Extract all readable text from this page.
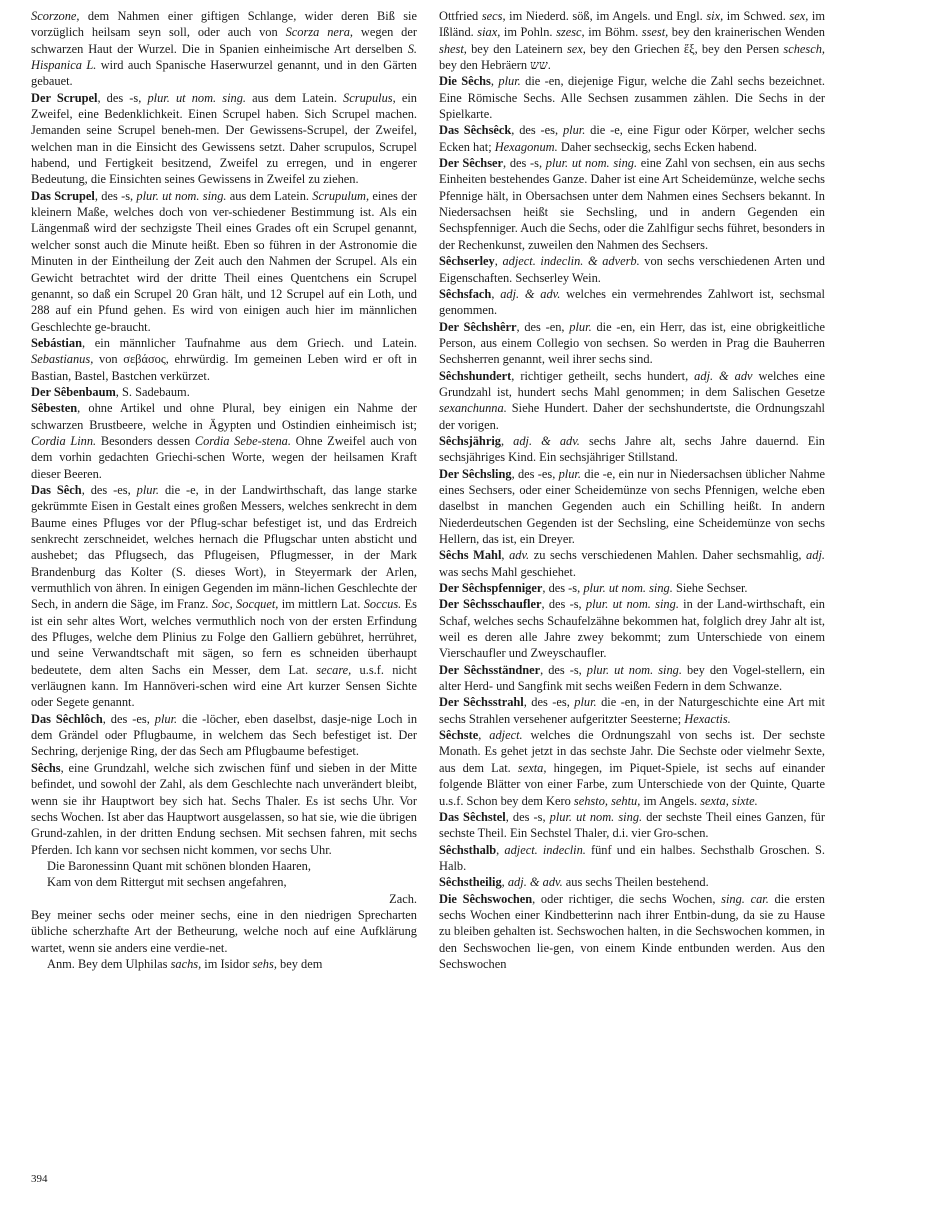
Scorzone, dem Nahmen einer giftigen Schlange, wider deren Biß sie vorzüglich heilsam seyn soll, oder auch von Scorza nera, wegen der schwarzen Haut der Wurzel. Die in Spanien einheimische Art derselben S. Hispanica L. wird auch Spanische Haserwurzel genannt, und in den Gärten gebauet.

Der Scrupel, des -s, plur. ut nom. sing. aus dem Latein. Scrupulus, ein Zweifel, eine Bedenklichkeit. Einen Scrupel haben. Sich Scrupel machen. Jemanden seine Scrupel beneh-men. Der Gewissens-Scrupel, der Zweifel, welchen man in die Einsicht des Gewissens setzt. Daher scrupulos, Scrupel habend, und Fertigkeit besitzend, Zweifel zu erregen, und in engerer Bedeutung, die Einsichten seines Gewissens in Zweifel zu ziehen.

Das Scrupel, des -s, plur. ut nom. sing. aus dem Latein. Scrupulum, eines der kleinern Maße, welches doch von ver-schiedener Bestimmung ist. Als ein Längenmaß wird der sechzigste Theil eines Grades oft ein Scrupel genannt, welcher sonst auch die Minute heißt. Eben so führen in der Astronomie die Minuten in der Eintheilung der Zeit auch den Nahmen der Scrupel. Als ein Gewicht betrachtet wird der dritte Theil eines Quentchens ein Scrupel genannt, so daß ein Scrupel 20 Gran hält, und 12 Scrupel auf ein Loth, und 288 auf ein Pfund gehen. Es wird von einigen auch hier im männlichen Geschlechte ge-braucht.

Sebástian, ein männlicher Taufnahme aus dem Griech. und Latein. Sebastianus, von σεβάσος, ehrwürdig. Im gemeinen Leben wird er oft in Bastian, Bastel, Bastchen verkürzet.

Der Sêbenbaum, S. Sadebaum.

Sêbesten, ohne Artikel und ohne Plural, bey einigen ein Nahme der schwarzen Brustbeere, welche in Ägypten und Ostindien einheimisch ist; Cordia Linn. Besonders dessen Cordia Sebe-stena. Ohne Zweifel auch von dem vorhin gedachten Griechi-schen Worte, wegen der heilsamen Kraft dieser Beeren.

Das Sêch, des -es, plur. die -e, in der Landwirthschaft, das lange starke gekrümmte Eisen in Gestalt eines großen Messers, welches senkrecht in dem Baume eines Pfluges vor der Pflug-schar befestiget ist, und das Erdreich senkrecht zerschneidet, welches hernach die Pflugschar unten absticht und aushebet; das Pflugsech, das Pflugeisen, Pflugmesser, in der Mark Brandenburg das Kolter (S. dieses Wort), in Steyermark der Arlen, vermuthlich von ähren. In einigen Gegenden im männ-lichen Geschlechte der Sech, in andern die Säge, im Franz. Soc, Socquet, im mittlern Lat. Soccus. Es ist ein sehr altes Wort, welches vermuthlich noch von der ersten Erfindung des Pfluges, welche dem Plinius zu Folge den Galliern gebühret, herrühret, und seine Verwandtschaft mit sägen, so fern es schneiden überhaupt bedeutete, dem alten Sachs ein Messer, dem Lat. secare, u.s.f. nicht verläugnen kann. Im Hannöveri-schen wird eine Art kurzer Sensen Sichte oder Segete genannt.

Das Sêchlôch, des -es, plur. die -löcher, eben daselbst, dasje-nige Loch in dem Grändel oder Pflugbaume, in welchem das Sech befestiget ist. Der Sechring, derjenige Ring, der das Sech am Pflugbaume befestiget.

Sêchs, eine Grundzahl, welche sich zwischen fünf und sieben in der Mitte befindet, und sowohl der Zahl, als dem Geschlechte nach unverändert bleibt, wenn sie ihr Hauptwort bey sich hat. Sechs Thaler. Es ist sechs Uhr. Vor sechs Wochen. Ist aber das Hauptwort ausgelassen, so hat sie, wie die übrigen Grund-zahlen, in der dritten Endung sechsen. Mit sechsen fahren, mit sechs Pferden. Ich kann vor sechsen nicht kommen, vor sechs Uhr.

Die Baronessinn Quant mit schönen blonden Haaren,

Kam von dem Rittergut mit sechsen angefahren,

Zach.

Bey meiner sechs oder meiner sechs, eine in den niedrigen Sprecharten übliche scherzhafte Art der Betheurung, welche noch auf eine Aufklärung wartet, wenn sie anders eine verdie-net.

Anm. Bey dem Ulphilas sachs, im Isidor sehs, bey dem

Ottfried secs, im Niederd. söß, im Angels. und Engl. six, im Schwed. sex, im Ißländ. siax, im Pohln. szesc, im Böhm. ssest, bey den krainerischen Wenden shest, bey den Lateinern sex, bey den Griechen ἕξ, bey den Persen schesch, bey den Hebräern שש.

Die Sêchs, plur. die -en, diejenige Figur, welche die Zahl sechs bezeichnet. Eine Römische Sechs. Alle Sechsen zusammen zählen. Die Sechs in der Spielkarte.

Das Sêchsêck, des -es, plur. die -e, eine Figur oder Körper, welcher sechs Ecken hat; Hexagonum. Daher sechseckig, sechs Ecken habend.

Der Sêchser, des -s, plur. ut nom. sing. eine Zahl von sechsen, ein aus sechs Einheiten bestehendes Ganze. Daher ist eine Art Scheidemünze, welche sechs Pfennige hält, in Obersachsen unter dem Nahmen eines Sechsers bekannt. In Niedersachsen heißt sie Sechsling, und in andern Gegenden ein Sechspfenniger. Auch die Sechs, oder die Zahlfigur sechs führet, besonders in der Rechenkunst, zuweilen den Nahmen des Sechsers.

Sêchserley, adject. indeclin. & adverb. von sechs verschiedenen Arten und Eigenschaften. Sechserley Wein.

Sêchsfach, adj. & adv. welches ein vermehrendes Zahlwort ist, sechsmal genommen.

Der Sêchshêrr, des -en, plur. die -en, ein Herr, das ist, eine obrigkeitliche Person, aus einem Collegio von sechsen. So werden in Prag die Bauherren Sechsherren genannt, weil ihrer sechs sind.

Sêchshundert, richtiger getheilt, sechs hundert, adj. & adv welches eine Grundzahl ist, hundert sechs Mahl genommen; in dem Salischen Gesetze sexanchunna. Siehe Hundert. Daher der sechshundertste, die Ordnungszahl der vorigen.

Sêchsjährig, adj. & adv. sechs Jahre alt, sechs Jahre dauernd. Ein sechsjähriges Kind. Ein sechsjähriger Stillstand.

Der Sêchsling, des -es, plur. die -e, ein nur in Niedersachsen üblicher Nahme eines Sechsers, oder einer Scheidemünze von sechs Pfennigen, welche eben daselbst in manchen Gegenden auch ein Schilling heißt. In andern Niederdeutschen Gegenden ist der Sechsling, eine Scheidemünze von sechs Hellern, das ist, ein Dreyer.

Sêchs Mahl, adv. zu sechs verschiedenen Mahlen. Daher sechsmahlig, adj. was sechs Mahl geschiehet.

Der Sêchspfenniger, des -s, plur. ut nom. sing. Siehe Sechser.

Der Sêchsschaufler, des -s, plur. ut nom. sing. in der Land-wirthschaft, ein Schaf, welches sechs Schaufelzähne bekommen hat, folglich drey Jahr alt ist, weil es deren alle Jahre zwey bekommt; zum Unterschiede von einem Vierschaufler und Zweyschaufler.

Der Sêchsständner, des -s, plur. ut nom. sing. bey den Vogel-stellern, ein alter Herd- und Sangfink mit sechs weißen Federn in dem Schwanze.

Der Sêchsstrahl, des -es, plur. die -en, in der Naturgeschichte eine Art mit sechs Strahlen versehener aufgeritzter Seesterne; Hexactis.

Sêchste, adject. welches die Ordnungszahl von sechs ist. Der sechste Monath. Es gehet jetzt in das sechste Jahr. Die Sechste oder vielmehr Sexte, aus dem Lat. sexta, hingegen, im Piquet-Spiele, ist sechs auf einander folgende Blätter von einer Farbe, zum Unterschiede von der Quinte, Quarte u.s.f. Schon bey dem Kero sehsto, sehtu, im Angels. sexta, sixte.

Das Sêchstel, des -s, plur. ut nom. sing. der sechste Theil eines Ganzen, für sechste Theil. Ein Sechstel Thaler, d.i. vier Gro-schen.

Sêchsthalb, adject. indeclin. fünf und ein halbes. Sechsthalb Groschen. S. Halb.

Sêchstheilig, adj. & adv. aus sechs Theilen bestehend.

Die Sêchswochen, oder richtiger, die sechs Wochen, sing. car. die ersten sechs Wochen einer Kindbetterinn nach ihrer Entbin-dung, da sie zu Hause zu bleiben gehalten ist. Sechswochen halten, in die Sechswochen kommen, in den Sechswochen lie-gen, von einem Kinde entbunden werden. Aus den Sechswochen

394
